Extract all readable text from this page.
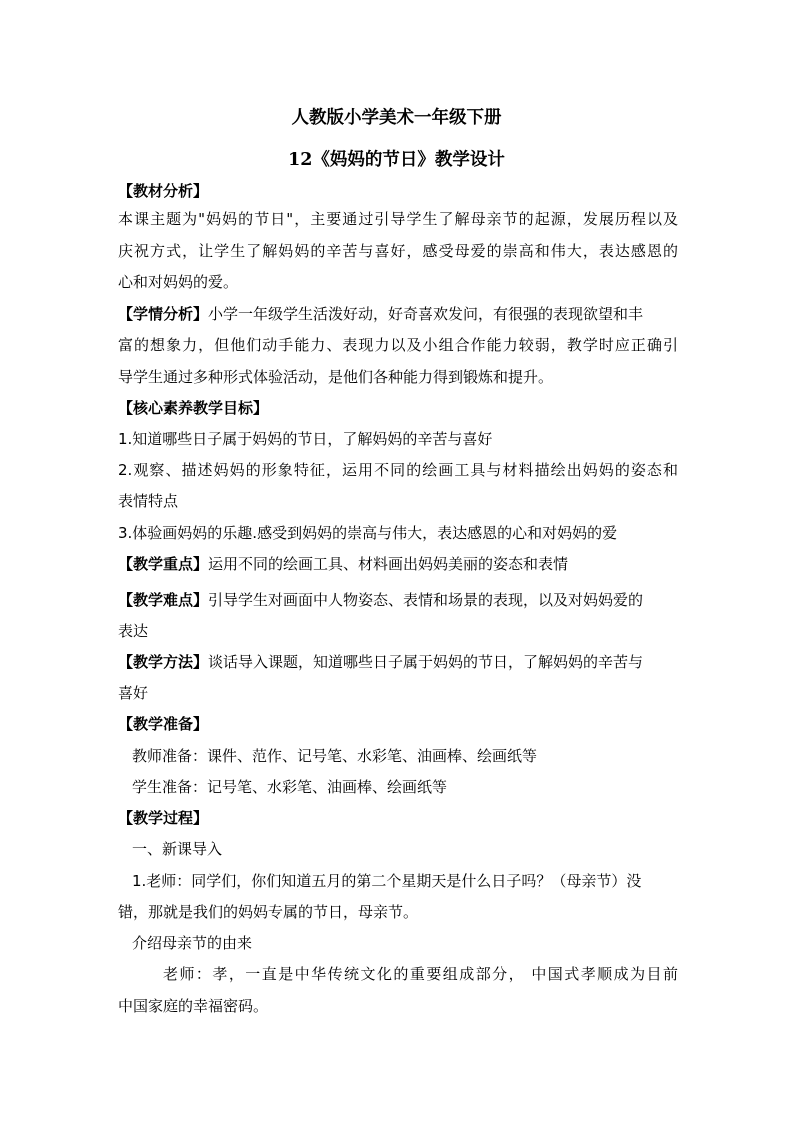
人教版小学美术一年级下册
12《妈妈的节日》教学设计
【教材分析】
本课主题为"妈妈的节日"，主要通过引导学生了解母亲节的起源，发展历程以及
庆祝方式，让学生了解妈妈的辛苦与喜好，感受母爱的崇高和伟大，表达感恩的
心和对妈妈的爱。
【学情分析】小学一年级学生活泼好动，好奇喜欢发问，有很强的表现欲望和丰
富的想象力，但他们动手能力、表现力以及小组合作能力较弱，教学时应正确引
导学生通过多种形式体验活动，是他们各种能力得到锻炼和提升。
【核心素养教学目标】
1.知道哪些日子属于妈妈的节日，了解妈妈的辛苦与喜好
2.观察、描述妈妈的形象特征，运用不同的绘画工具与材料描绘出妈妈的姿态和
表情特点
3.体验画妈妈的乐趣.感受到妈妈的崇高与伟大，表达感恩的心和对妈妈的爱
【教学重点】运用不同的绘画工具、材料画出妈妈美丽的姿态和表情
【教学难点】引导学生对画面中人物姿态、表情和场景的表现，以及对妈妈爱的
表达
【教学方法】谈话导入课题，知道哪些日子属于妈妈的节日，了解妈妈的辛苦与
喜好
【教学准备】
教师准备：课件、范作、记号笔、水彩笔、油画棒、绘画纸等
学生准备：记号笔、水彩笔、油画棒、绘画纸等
【教学过程】
一、新课导入
1.老师：同学们，你们知道五月的第二个星期天是什么日子吗？（母亲节）没
错，那就是我们的妈妈专属的节日，母亲节。
介绍母亲节的由来
老师：孝，一直是中华传统文化的重要组成部分， 中国式孝顺成为目前
中国家庭的幸福密码。
